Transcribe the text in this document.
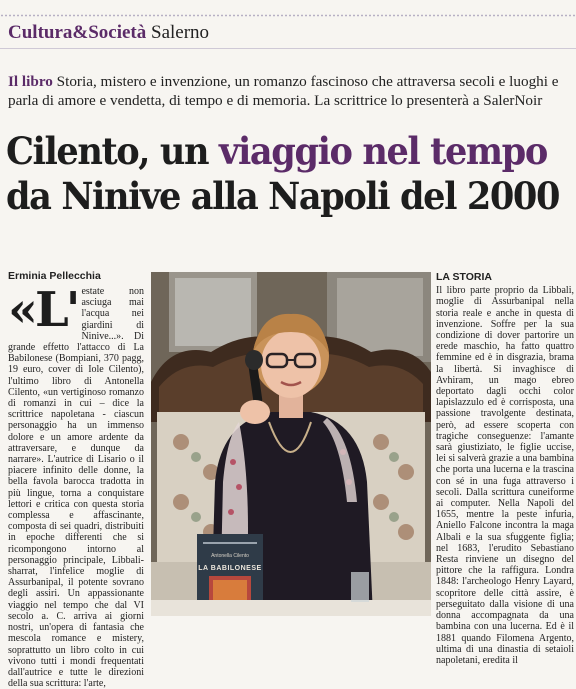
Cultura&Società Salerno

Il libro Storia, mistero e invenzione, un romanzo fascinoso che attraversa secoli e luoghi e parla di amore e vendetta, di tempo e di memoria. La scrittrice lo presenterà a SalerNoir

Cilento, un viaggio nel tempo
da Ninive alla Napoli del 2000
Erminia Pellecchia
«L' estate non asciuga mai l'acqua nei giardini di Ninive...». Di grande effetto l'attacco di La Babilonese (Bompiani, 370 pagg, 19 euro, cover di Iole Cilento), l'ultimo libro di Antonella Cilento, «un vertiginoso romanzo di romanzi in cui – dice la scrittrice napoletana - ciascun personaggio ha un immenso dolore e un amore ardente da attraversare, e dunque da narrare». L'autrice di Lisario o il piacere infinito delle donne, la bella favola barocca tradotta in più lingue, torna a conquistare lettori e critica con questa storia complessa e affascinante, composta di sei quadri, distribuiti in epoche differenti che si ricompongono intorno al personaggio principale, Libbali-sharrat, l'infelice moglie di Assurbanipal, il potente sovrano degli assiri. Un appassionante viaggio nel tempo che dal VI secolo a. C. arriva ai giorni nostri, un'opera di fantasia che mescola romance e mistery, soprattutto un libro colto in cui vivono tutti i mondi frequentati dall'autrice e tutte le direzioni della sua scrittura: l'arte,
Antonella Cilento
LA BABILONESE
LA STORIA
Il libro parte proprio da Libbali, moglie di Assurbanipal nella storia reale e anche in questa di invenzione. Soffre per la sua condizione di dover partorire un erede maschio, ha fatto quattro femmine ed è in disgrazia, brama la libertà. Si invaghisce di Avhiram, un mago ebreo deportato dagli occhi color lapislazzulo ed è corrisposta, una passione travolgente destinata, però, ad essere scoperta con tragiche conseguenze: l'amante sarà giustiziato, le figlie uccise, lei si salverà grazie a una bambina che porta una lucerna e la trascina con sé in una fuga attraverso i secoli. Dalla scrittura cuneiforme ai computer. Nella Napoli del 1655, mentre la peste infuria, Aniello Falcone incontra la maga Albali e la sua sfuggente figlia; nel 1683, l'erudito Sebastiano Resta rinviene un disegno del pittore che la raffigura. Londra 1848: l'archeologo Henry Layard, scopritore delle città assire, è perseguitato dalla visione di una donna accompagnata da una bambina con una lucerna. Ed è il 1881 quando Filomena Argento, ultima di una dinastia di setaioli napoletani, eredita il
